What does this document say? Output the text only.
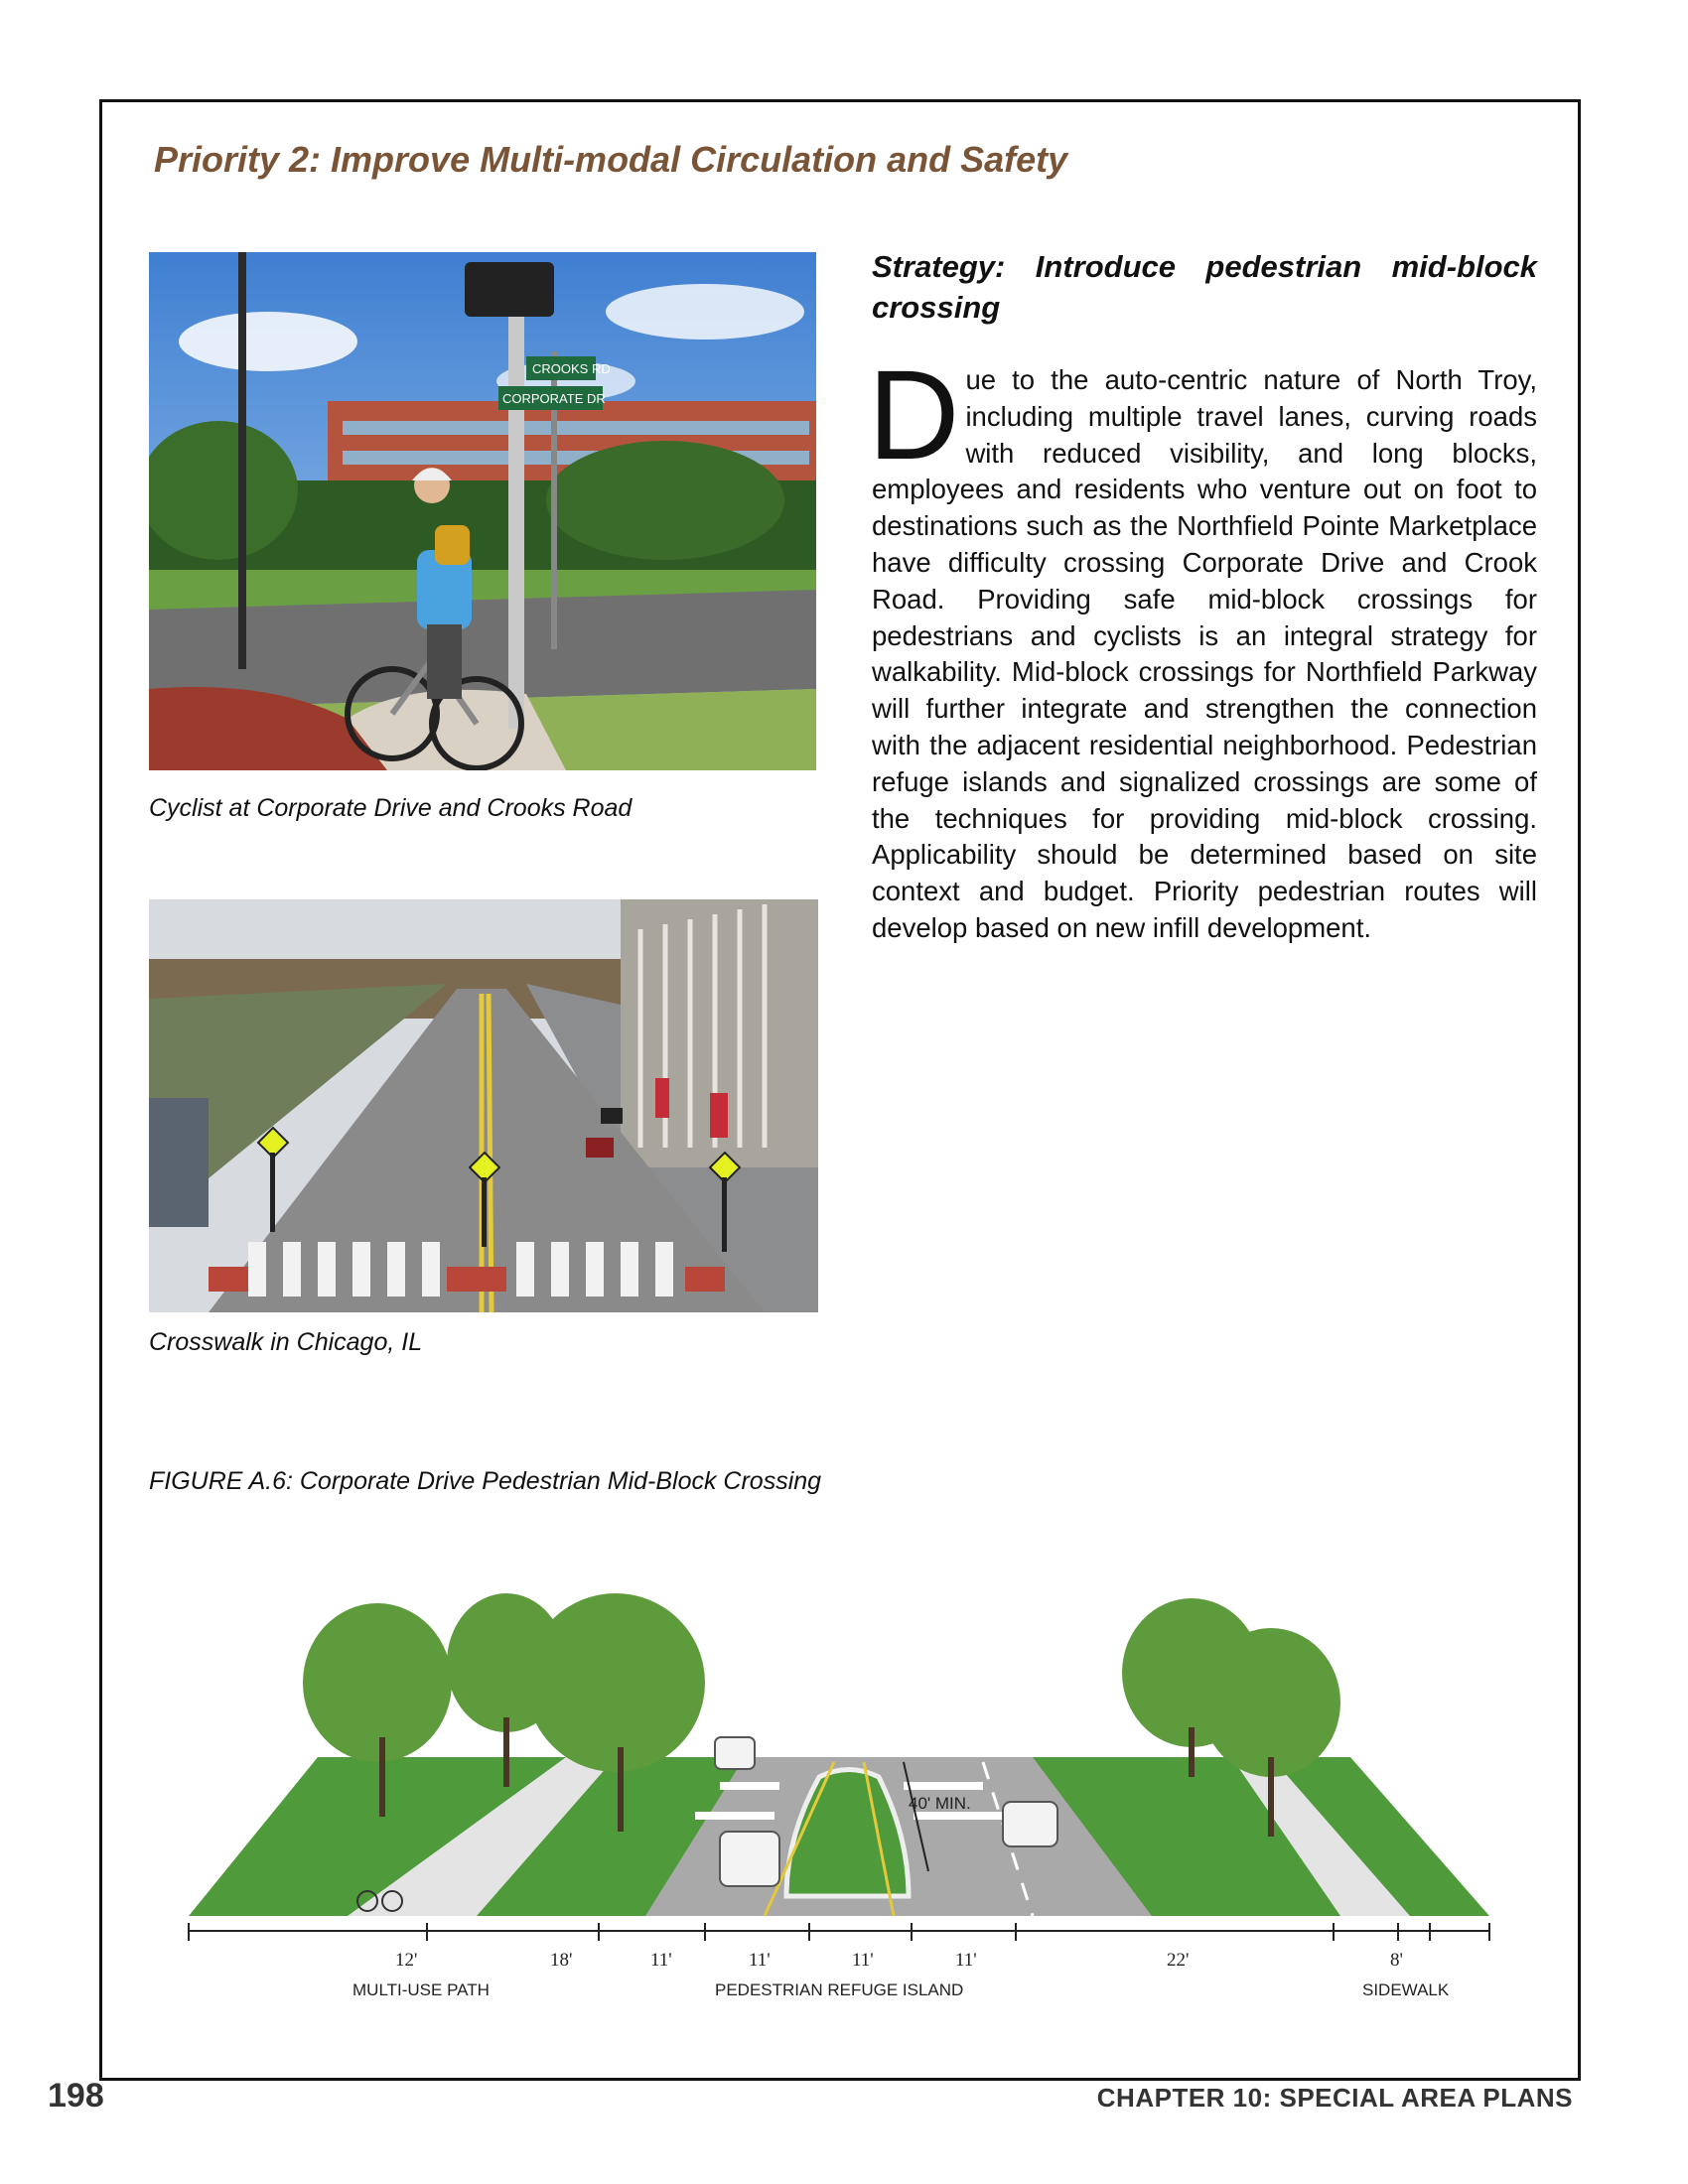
Priority 2: Improve Multi-modal Circulation and Safety
CROOKS RD
CORPORATE DR
Cyclist at Corporate Drive and Crooks Road
Crosswalk in Chicago, IL
Strategy: Introduce pedestrian mid-block crossing
Due to the auto-centric nature of North Troy, including multiple travel lanes, curving roads with reduced visibility, and long blocks, employees and residents who venture out on foot to destinations such as the Northfield Pointe Marketplace have difficulty crossing Corporate Drive and Crook Road. Providing safe mid-block crossings for pedestrians and cyclists is an integral strategy for walkability. Mid-block crossings for Northfield Parkway will further integrate and strengthen the connection with the adjacent residential neighborhood. Pedestrian refuge islands and signalized crossings are some of the techniques for providing mid-block crossing. Applicability should be determined based on site context and budget. Priority pedestrian routes will develop based on new infill development.
FIGURE A.6: Corporate Drive Pedestrian Mid-Block Crossing
40' MIN.
12'	18'	11'	11'	11'	11'	22'	8'
MULTI-USE PATH	PEDESTRIAN REFUGE ISLAND	SIDEWALK
198	CHAPTER 10: SPECIAL AREA PLANS
